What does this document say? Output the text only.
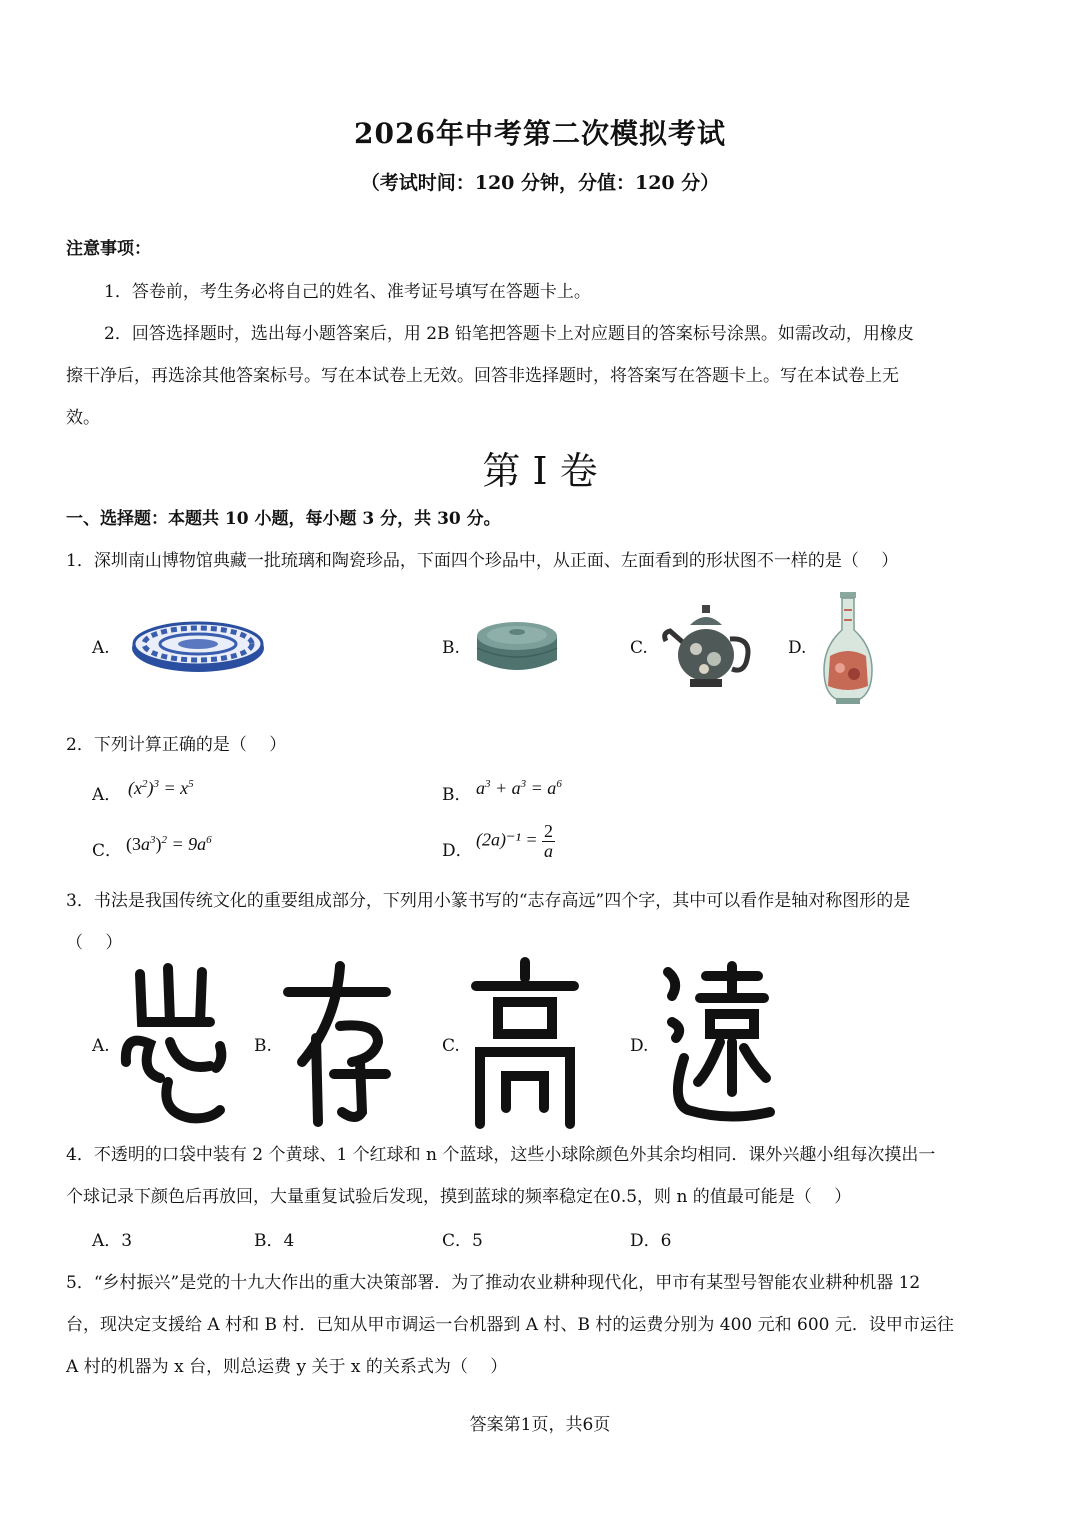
2026年中考第二次模拟考试
（考试时间：120 分钟，分值：120 分）
注意事项：
1．答卷前，考生务必将自己的姓名、准考证号填写在答题卡上。
2．回答选择题时，选出每小题答案后，用 2B 铅笔把答题卡上对应题目的答案标号涂黑。如需改动，用橡皮
擦干净后，再选涂其他答案标号。写在本试卷上无效。回答非选择题时，将答案写在答题卡上。写在本试卷上无
效。
第 I 卷
一、选择题：本题共 10 小题，每小题 3 分，共 30 分。
1．深圳南山博物馆典藏一批琉璃和陶瓷珍品，下面四个珍品中，从正面、左面看到的形状图不一样的是（　 ）
A.	B.	C.	D.
2．下列计算正确的是（　 ）
A． $(x^2)^3 = x^5$
B． $a^3 + a^3 = a^6$
C． $(3a^3)^2 = 9a^6$
D．
$(2a)^{-1} = \frac{2}{a}$
3．书法是我国传统文化的重要组成部分，下列用小篆书写的“志存高远”四个字，其中可以看作是轴对称图形的是
（　 ）
A.	B.	C.	D.
4．不透明的口袋中装有 2 个黄球、1 个红球和 n 个蓝球，这些小球除颜色外其余均相同．课外兴趣小组每次摸出一
个球记录下颜色后再放回，大量重复试验后发现，摸到蓝球的频率稳定在0.5，则 n 的值最可能是（　 ）
A．3	B．4	C．5	D．6
5．“乡村振兴”是党的十九大作出的重大决策部署．为了推动农业耕种现代化，甲市有某型号智能农业耕种机器 12
台，现决定支援给 A 村和 B 村．已知从甲市调运一台机器到 A 村、B 村的运费分别为 400 元和 600 元．设甲市运往
A 村的机器为 x 台，则总运费 y 关于 x 的关系式为（　 ）
答案第1页，共6页
